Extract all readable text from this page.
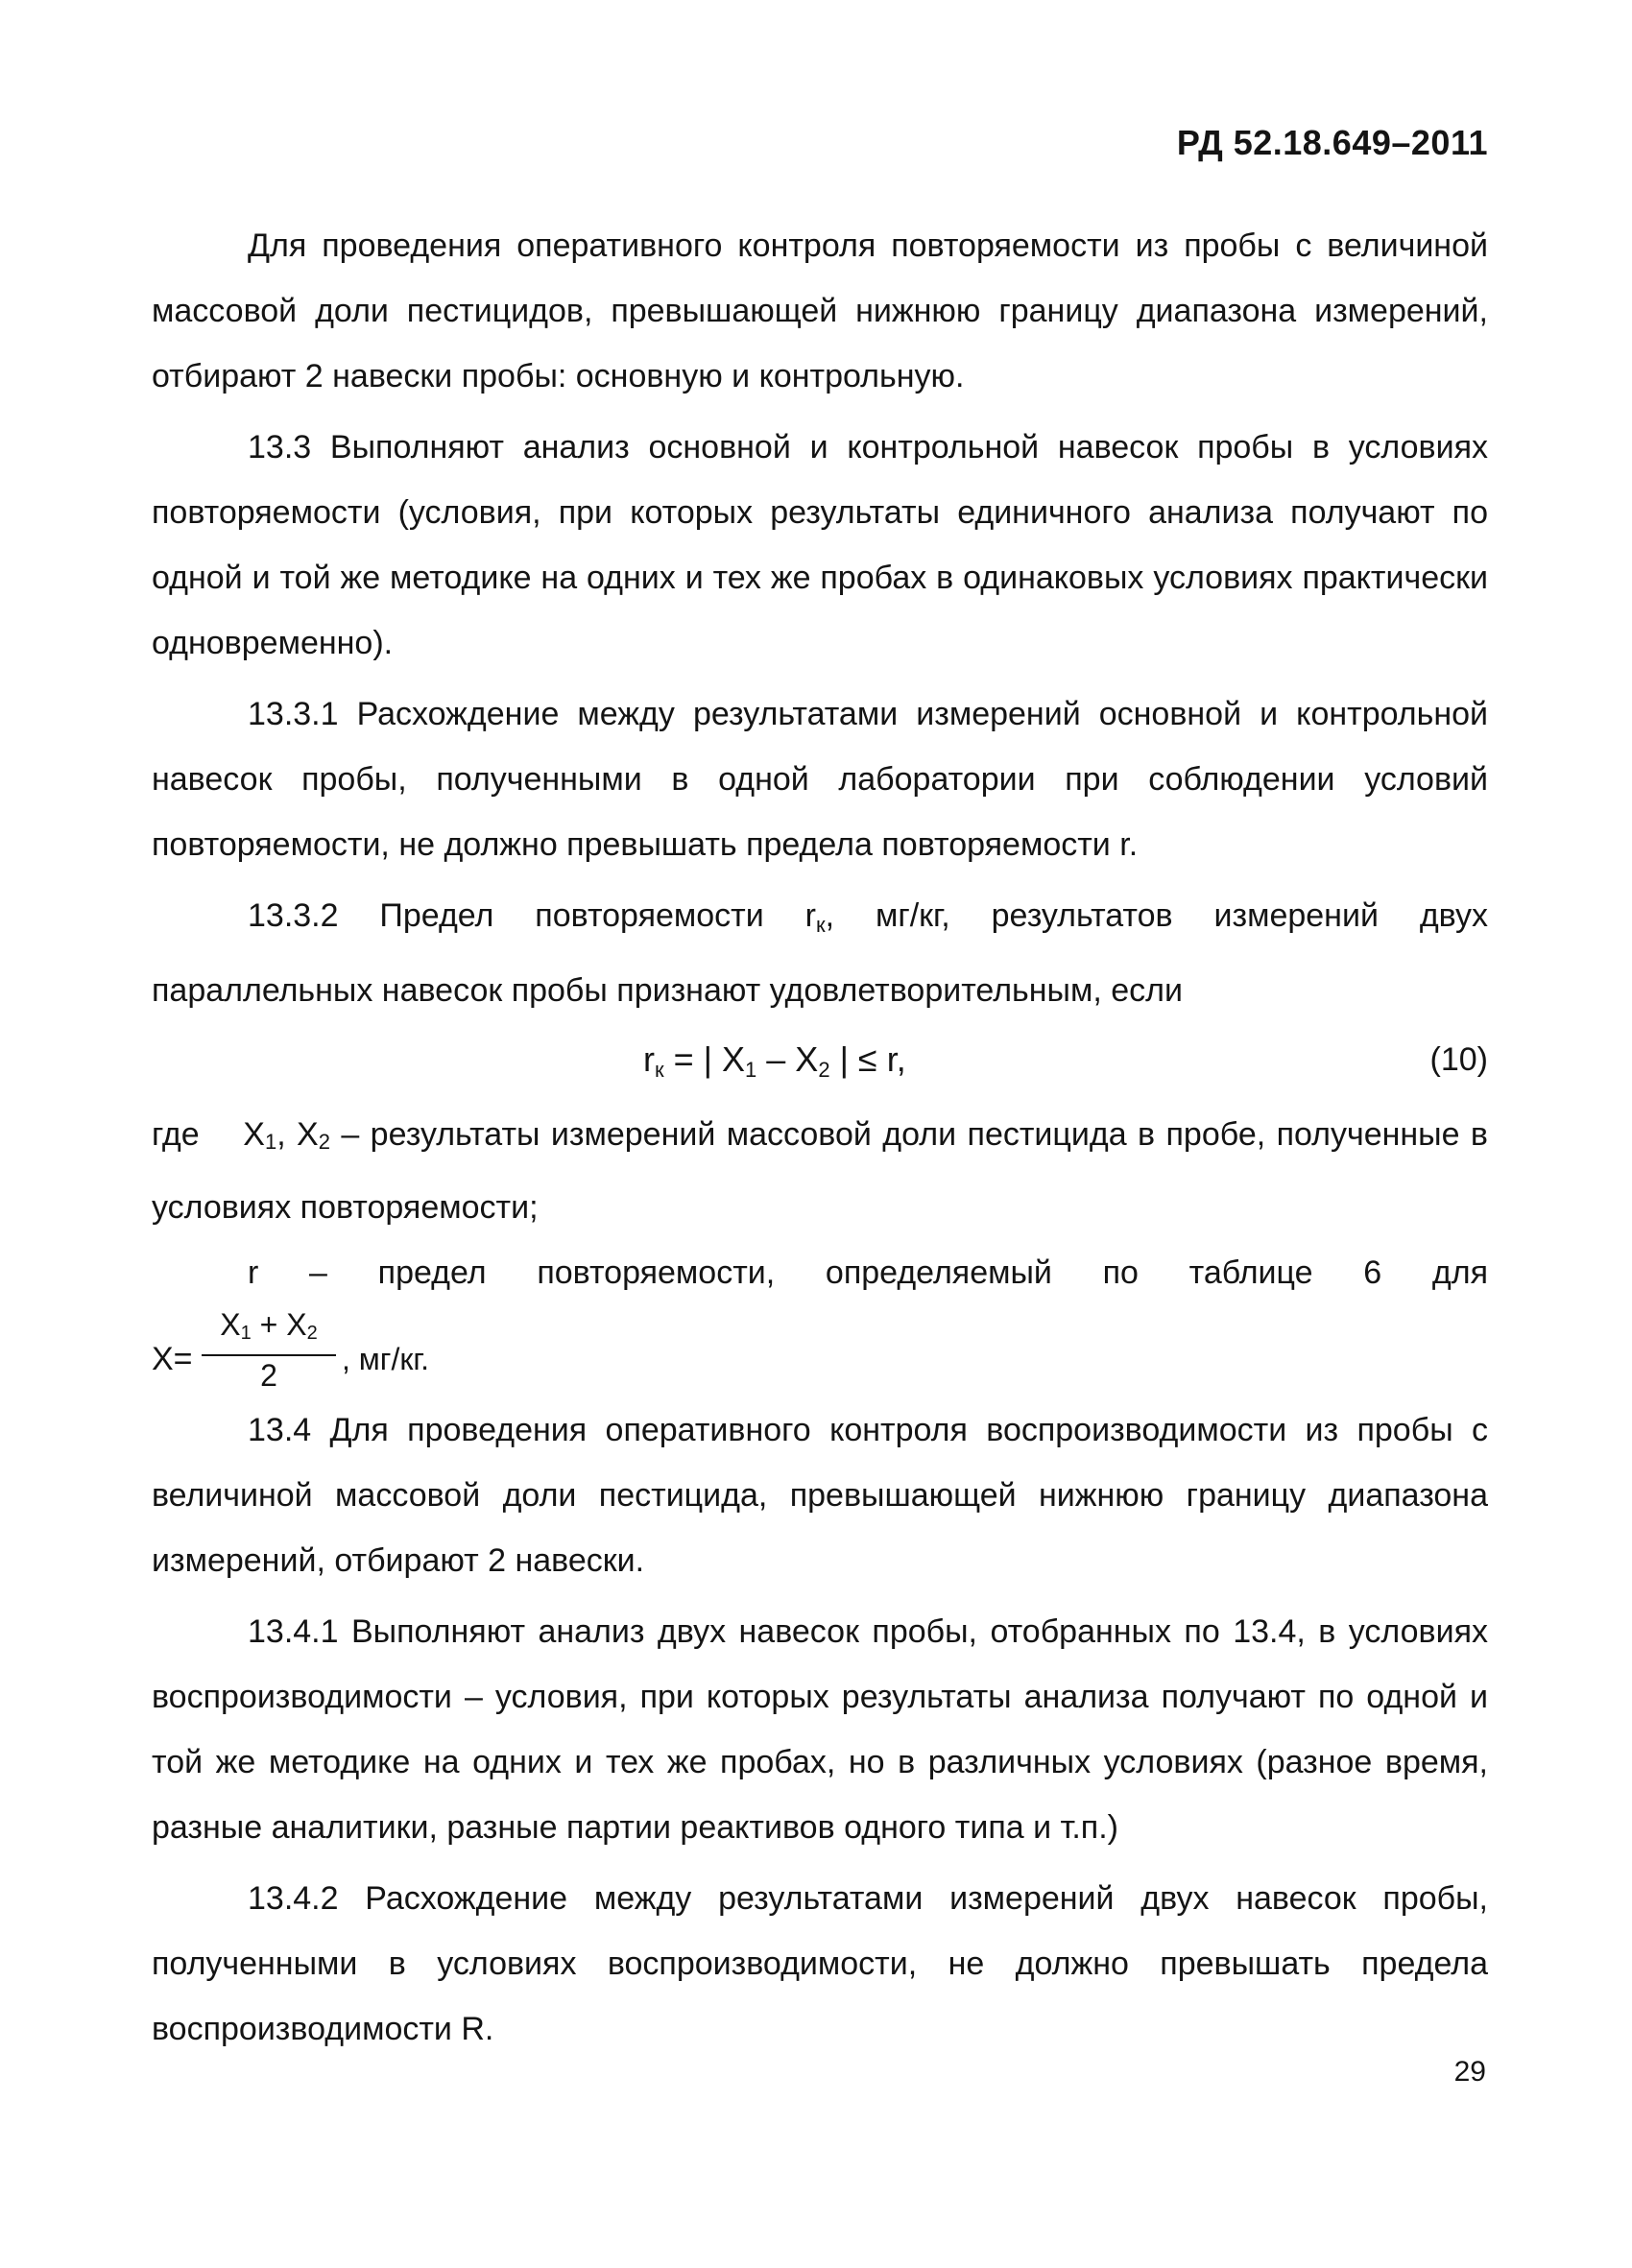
РД 52.18.649–2011

Для проведения оперативного контроля повторяемости из пробы с величиной массовой доли пестицидов, превышающей нижнюю границу диапазона измерений, отбирают 2 навески пробы: основную и контрольную.

13.3 Выполняют анализ основной и контрольной навесок пробы в условиях повторяемости (условия, при которых результаты единичного анализа получают по одной и той же методике на одних и тех же пробах в одинаковых условиях практически одновременно).

13.3.1 Расхождение между результатами измерений основной и контрольной навесок пробы, полученными в одной лаборатории при соблюдении условий повторяемости, не должно превышать предела повторяемости r.

13.3.2 Предел повторяемости $r_к$, мг/кг, результатов измерений двух параллельных навесок пробы признают удовлетворительным, если

$r_к$ = | $X_1 - X_2$ | ≤ r,	(10)

где $X_1$, $X_2$ – результаты измерений массовой доли пестицида в пробе, полученные в условиях повторяемости;

r – предел повторяемости, определяемый по таблице 6 для

$X= \frac{X_1 + X_2}{2}$ , мг/кг.

13.4 Для проведения оперативного контроля воспроизводимости из пробы с величиной массовой доли пестицида, превышающей нижнюю границу диапазона измерений, отбирают 2 навески.

13.4.1 Выполняют анализ двух навесок пробы, отобранных по 13.4, в условиях воспроизводимости – условия, при которых результаты анализа получают по одной и той же методике на одних и тех же пробах, но в различных условиях (разное время, разные аналитики, разные партии реактивов одного типа и т.п.)

13.4.2 Расхождение между результатами измерений двух навесок пробы, полученными в условиях воспроизводимости, не должно превышать предела воспроизводимости R.

29
